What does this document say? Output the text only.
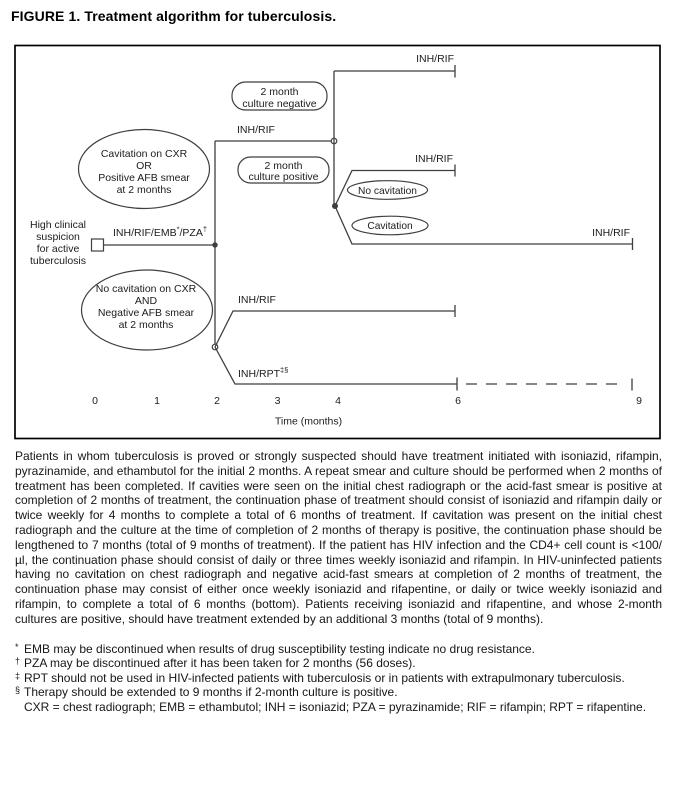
FIGURE 1. Treatment algorithm for tuberculosis.
High clinical
suspicion
for active
tuberculosis
INH/RIF/EMB*/PZA†
Cavitation on CXR
OR
Positive AFB smear
at 2 months
No cavitation on CXR
AND
Negative AFB smear
at 2 months
INH/RIF
2 month
culture negative
INH/RIF
2 month
culture positive
INH/RIF
No cavitation
Cavitation
INH/RIF
INH/RIF
INH/RPT‡§
0	1	2	3	4	6	9
Time (months)
Patients in whom tuberculosis is proved or strongly suspected should have treatment initiated with isoniazid, rifampin, pyrazinamide, and ethambutol for the initial 2 months. A repeat smear and culture should be performed when 2 months of treatment has been completed. If cavities were seen on the initial chest radiograph or the acid-fast smear is positive at completion of 2 months of treatment, the continuation phase of treatment should consist of isoniazid and rifampin daily or twice weekly for 4 months to complete a total of 6 months of treatment. If cavitation was present on the initial chest radiograph and the culture at the time of completion of 2 months of therapy is positive, the continuation phase should be lengthened to 7 months (total of 9 months of treatment). If the patient has HIV infection and the CD4+ cell count is <100/µl, the continuation phase should consist of daily or three times weekly isoniazid and rifampin. In HIV-uninfected patients having no cavitation on chest radiograph and negative acid-fast smears at completion of 2 months of treatment, the continuation phase may consist of either once weekly isoniazid and rifapentine, or daily or twice weekly isoniazid and rifampin, to complete a total of 6 months (bottom). Patients receiving isoniazid and rifapentine, and whose 2-month cultures are positive, should have treatment extended by an additional 3 months (total of 9 months).
* EMB may be discontinued when results of drug susceptibility testing indicate no drug resistance.
† PZA may be discontinued after it has been taken for 2 months (56 doses).
‡ RPT should not be used in HIV-infected patients with tuberculosis or in patients with extrapulmonary tuberculosis.
§ Therapy should be extended to 9 months if 2-month culture is positive.
CXR = chest radiograph; EMB = ethambutol; INH = isoniazid; PZA = pyrazinamide; RIF = rifampin; RPT = rifapentine.
